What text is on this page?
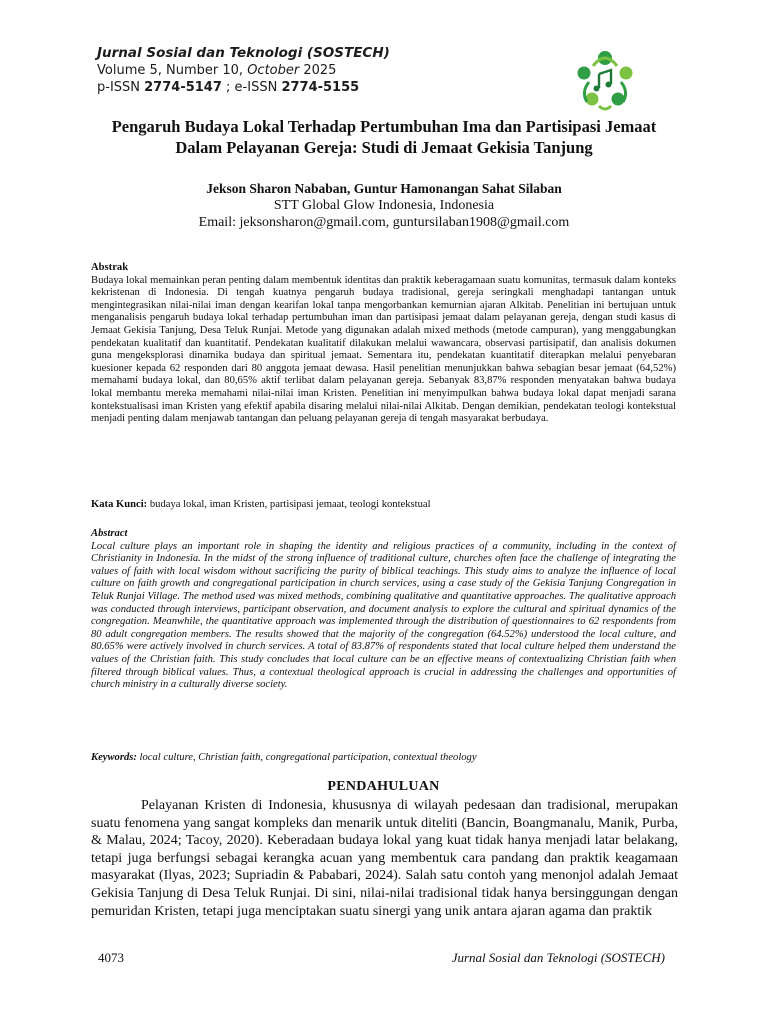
Jurnal Sosial dan Teknologi (SOSTECH)
Volume 5, Number 10, October 2025
p-ISSN 2774-5147 ; e-ISSN 2774-5155
Pengaruh Budaya Lokal Terhadap Pertumbuhan Ima dan Partisipasi Jemaat Dalam Pelayanan Gereja: Studi di Jemaat Gekisia Tanjung
Jekson Sharon Nababan, Guntur Hamonangan Sahat Silaban
STT Global Glow Indonesia, Indonesia
Email: jeksonsharon@gmail.com, guntursilaban1908@gmail.com
Abstrak

Budaya lokal memainkan peran penting dalam membentuk identitas dan praktik keberagamaan suatu komunitas, termasuk dalam konteks kekristenan di Indonesia. Di tengah kuatnya pengaruh budaya tradisional, gereja seringkali menghadapi tantangan untuk mengintegrasikan nilai-nilai iman dengan kearifan lokal tanpa mengorbankan kemurnian ajaran Alkitab. Penelitian ini bertujuan untuk menganalisis pengaruh budaya lokal terhadap pertumbuhan iman dan partisipasi jemaat dalam pelayanan gereja, dengan studi kasus di Jemaat Gekisia Tanjung, Desa Teluk Runjai. Metode yang digunakan adalah mixed methods (metode campuran), yang menggabungkan pendekatan kualitatif dan kuantitatif. Pendekatan kualitatif dilakukan melalui wawancara, observasi partisipatif, dan analisis dokumen guna mengeksplorasi dinamika budaya dan spiritual jemaat. Sementara itu, pendekatan kuantitatif diterapkan melalui penyebaran kuesioner kepada 62 responden dari 80 anggota jemaat dewasa. Hasil penelitian menunjukkan bahwa sebagian besar jemaat (64,52%) memahami budaya lokal, dan 80,65% aktif terlibat dalam pelayanan gereja. Sebanyak 83,87% responden menyatakan bahwa budaya lokal membantu mereka memahami nilai-nilai iman Kristen. Penelitian ini menyimpulkan bahwa budaya lokal dapat menjadi sarana kontekstualisasi iman Kristen yang efektif apabila disaring melalui nilai-nilai Alkitab. Dengan demikian, pendekatan teologi kontekstual menjadi penting dalam menjawab tantangan dan peluang pelayanan gereja di tengah masyarakat berbudaya.

Kata Kunci: budaya lokal, iman Kristen, partisipasi jemaat, teologi kontekstual
Abstract

Local culture plays an important role in shaping the identity and religious practices of a community, including in the context of Christianity in Indonesia. In the midst of the strong influence of traditional culture, churches often face the challenge of integrating the values of faith with local wisdom without sacrificing the purity of biblical teachings. This study aims to analyze the influence of local culture on faith growth and congregational participation in church services, using a case study of the Gekisia Tanjung Congregation in Teluk Runjai Village. The method used was mixed methods, combining qualitative and quantitative approaches. The qualitative approach was conducted through interviews, participant observation, and document analysis to explore the cultural and spiritual dynamics of the congregation. Meanwhile, the quantitative approach was implemented through the distribution of questionnaires to 62 respondents from 80 adult congregation members. The results showed that the majority of the congregation (64.52%) understood the local culture, and 80.65% were actively involved in church services. A total of 83.87% of respondents stated that local culture helped them understand the values of the Christian faith. This study concludes that local culture can be an effective means of contextualizing Christian faith when filtered through biblical values. Thus, a contextual theological approach is crucial in addressing the challenges and opportunities of church ministry in a culturally diverse society.

Keywords: local culture, Christian faith, congregational participation, contextual theology
PENDAHULUAN

Pelayanan Kristen di Indonesia, khususnya di wilayah pedesaan dan tradisional, merupakan suatu fenomena yang sangat kompleks dan menarik untuk diteliti (Bancin, Boangmanalu, Manik, Purba, & Malau, 2024; Tacoy, 2020). Keberadaan budaya lokal yang kuat tidak hanya menjadi latar belakang, tetapi juga berfungsi sebagai kerangka acuan yang membentuk cara pandang dan praktik keagamaan masyarakat (Ilyas, 2023; Supriadin & Pababari, 2024). Salah satu contoh yang menonjol adalah Jemaat Gekisia Tanjung di Desa Teluk Runjai. Di sini, nilai-nilai tradisional tidak hanya bersinggungan dengan pemuridan Kristen, tetapi juga menciptakan suatu sinergi yang unik antara ajaran agama dan praktik

4073	Jurnal Sosial dan Teknologi (SOSTECH)
